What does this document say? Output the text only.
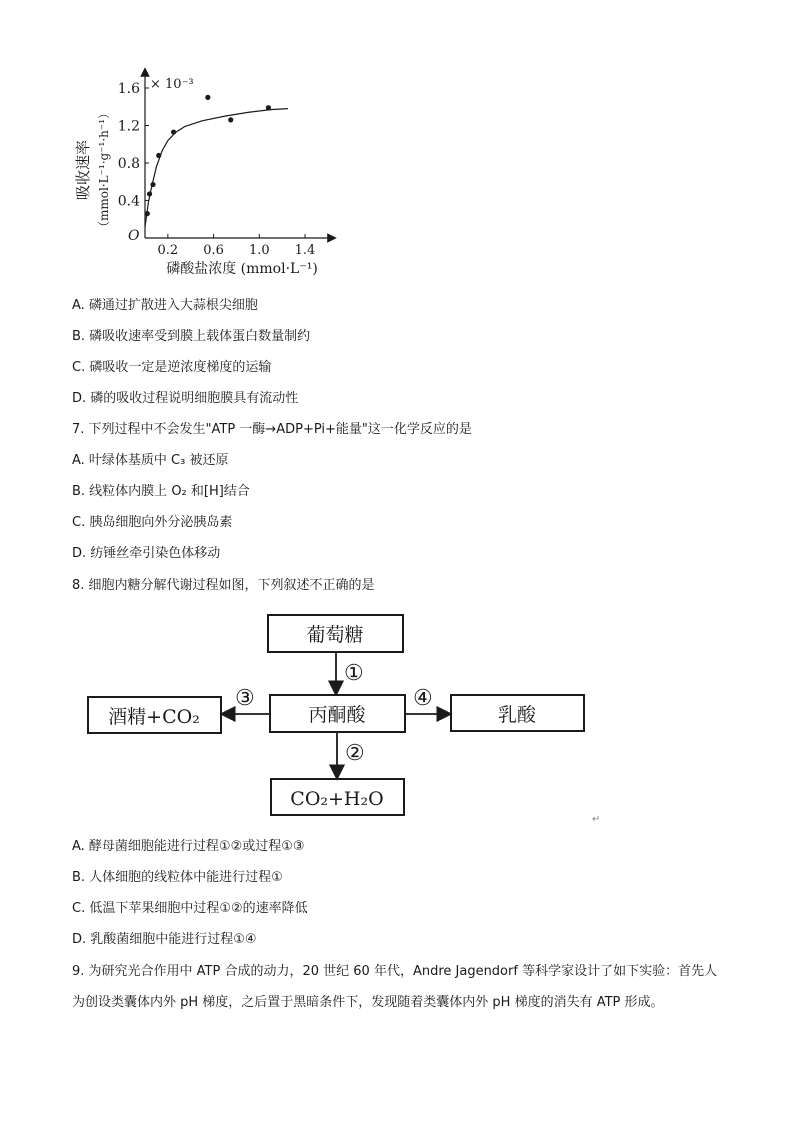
吸收速率 （mmol·L⁻¹·g⁻¹·h⁻¹）
× 10⁻³
O
0.2 0.6 1.0 1.4
0.4
0.8
1.2
1.6
磷酸盐浓度 (mmol·L⁻¹)
A. 磷通过扩散进入大蒜根尖细胞
B. 磷吸收速率受到膜上载体蛋白数量制约
C. 磷吸收一定是逆浓度梯度的运输
D. 磷的吸收过程说明细胞膜具有流动性
7. 下列过程中不会发生"ATP 一酶→ADP+Pi+能量"这一化学反应的是
A. 叶绿体基质中 C₃ 被还原
B. 线粒体内膜上 O₂ 和[H]结合
C. 胰岛细胞向外分泌胰岛素
D. 纺锤丝牵引染色体移动
8. 细胞内糖分解代谢过程如图，下列叙述不正确的是
葡萄糖
丙酮酸
酒精+CO₂	乳酸
CO₂+H₂O
①
②
③	④
↵
A. 酵母菌细胞能进行过程①②或过程①③
B. 人体细胞的线粒体中能进行过程①
C. 低温下苹果细胞中过程①②的速率降低
D. 乳酸菌细胞中能进行过程①④
9. 为研究光合作用中 ATP 合成的动力，20 世纪 60 年代，Andre Jagendorf 等科学家设计了如下实验：首先人为创设类囊体内外 pH 梯度，之后置于黑暗条件下，发现随着类囊体内外 pH 梯度的消失有 ATP 形成。
